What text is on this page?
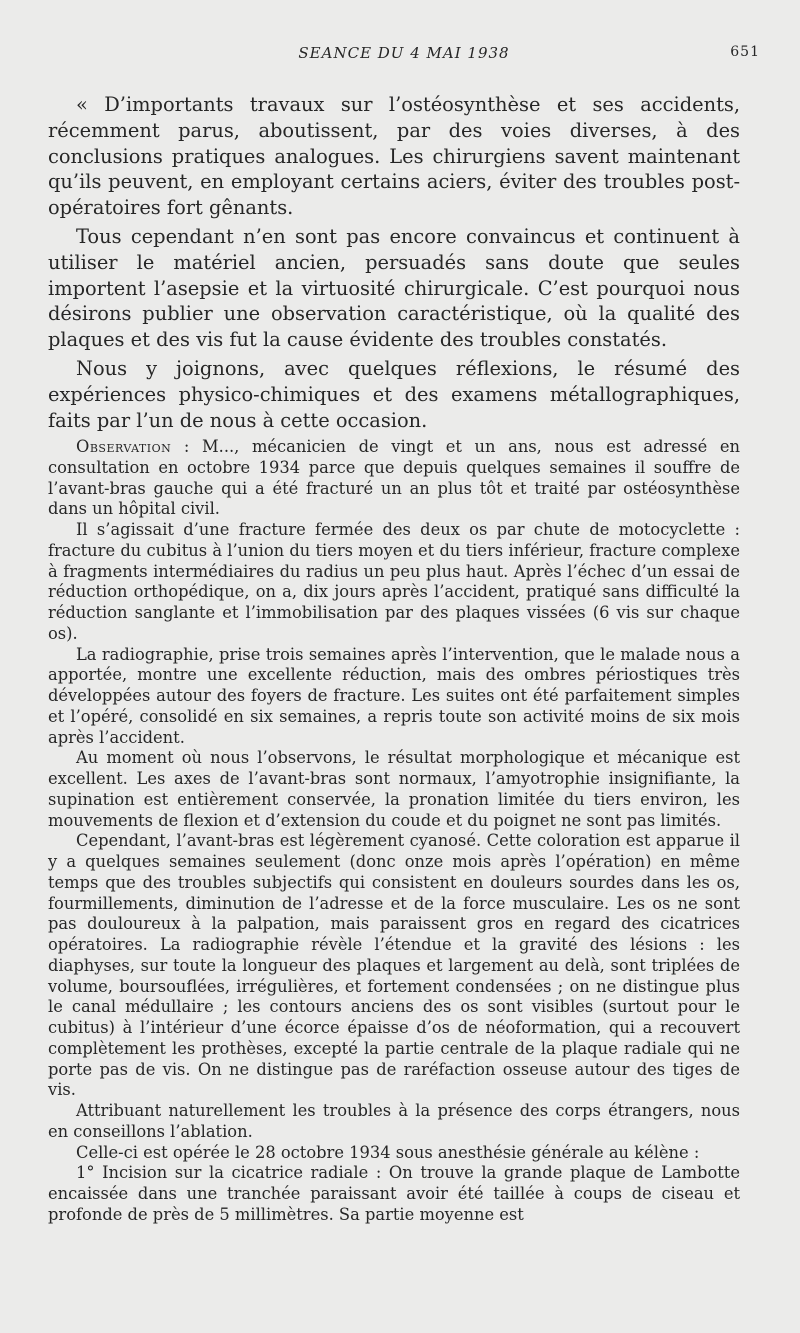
SEANCE DU 4 MAI 1938	651

« D’importants travaux sur l’ostéosynthèse et ses accidents, récemment parus, aboutissent, par des voies diverses, à des conclusions pratiques analogues. Les chirurgiens savent maintenant qu’ils peuvent, en employant certains aciers, éviter des troubles post-opératoires fort gênants.

Tous cependant n’en sont pas encore convaincus et continuent à utiliser le matériel ancien, persuadés sans doute que seules importent l’asepsie et la virtuosité chirurgicale. C’est pourquoi nous désirons publier une observation caractéristique, où la qualité des plaques et des vis fut la cause évidente des troubles constatés.

Nous y joignons, avec quelques réflexions, le résumé des expériences physico-chimiques et des examens métallographiques, faits par l’un de nous à cette occasion.

Observation : M..., mécanicien de vingt et un ans, nous est adressé en consultation en octobre 1934 parce que depuis quelques semaines il souffre de l’avant-bras gauche qui a été fracturé un an plus tôt et traité par ostéosynthèse dans un hôpital civil.

Il s’agissait d’une fracture fermée des deux os par chute de motocyclette : fracture du cubitus à l’union du tiers moyen et du tiers inférieur, fracture complexe à fragments intermédiaires du radius un peu plus haut. Après l’échec d’un essai de réduction orthopédique, on a, dix jours après l’accident, pratiqué sans difficulté la réduction sanglante et l’immobilisation par des plaques vissées (6 vis sur chaque os).

La radiographie, prise trois semaines après l’intervention, que le malade nous a apportée, montre une excellente réduction, mais des ombres périostiques très développées autour des foyers de fracture. Les suites ont été parfaitement simples et l’opéré, consolidé en six semaines, a repris toute son activité moins de six mois après l’accident.

Au moment où nous l’observons, le résultat morphologique et mécanique est excellent. Les axes de l’avant-bras sont normaux, l’amyotrophie insignifiante, la supination est entièrement conservée, la pronation limitée du tiers environ, les mouvements de flexion et d’extension du coude et du poignet ne sont pas limités.

Cependant, l’avant-bras est légèrement cyanosé. Cette coloration est apparue il y a quelques semaines seulement (donc onze mois après l’opération) en même temps que des troubles subjectifs qui consistent en douleurs sourdes dans les os, fourmillements, diminution de l’adresse et de la force musculaire. Les os ne sont pas douloureux à la palpation, mais paraissent gros en regard des cicatrices opératoires. La radiographie révèle l’étendue et la gravité des lésions : les diaphyses, sur toute la longueur des plaques et largement au delà, sont triplées de volume, boursouflées, irrégulières, et fortement condensées ; on ne distingue plus le canal médullaire ; les contours anciens des os sont visibles (surtout pour le cubitus) à l’intérieur d’une écorce épaisse d’os de néoformation, qui a recouvert complètement les prothèses, excepté la partie centrale de la plaque radiale qui ne porte pas de vis. On ne distingue pas de raréfaction osseuse autour des tiges de vis.

Attribuant naturellement les troubles à la présence des corps étrangers, nous en conseillons l’ablation.

Celle-ci est opérée le 28 octobre 1934 sous anesthésie générale au kélène :

1° Incision sur la cicatrice radiale : On trouve la grande plaque de Lambotte encaissée dans une tranchée paraissant avoir été taillée à coups de ciseau et profonde de près de 5 millimètres. Sa partie moyenne est
